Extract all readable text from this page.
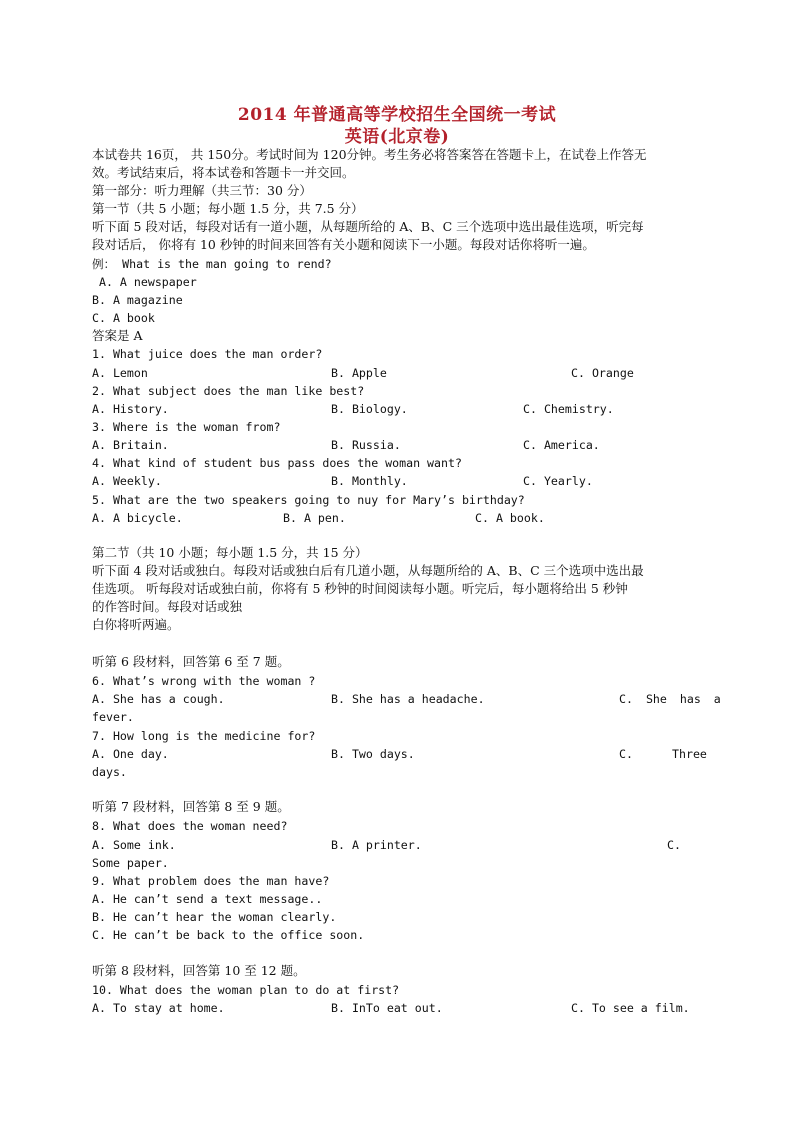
2014 年普通高等学校招生全国统一考试
英语(北京卷)
本试卷共 16页， 共 150分。考试时间为 120分钟。考生务必将答案答在答题卡上，在试卷上作答无
效。考试结束后，将本试卷和答题卡一并交回。
第一部分：听力理解（共三节：30 分）
第一节（共 5 小题；每小题 1.5 分，共 7.5 分）
听下面 5 段对话，每段对话有一道小题，从每题所给的 A、B、C 三个选项中选出最佳选项，听完每
段对话后， 你将有 10 秒钟的时间来回答有关小题和阅读下一小题。每段对话你将听一遍。
例： What is the man going to rend?
A. A newspaper
B. A magazine
C. A book
答案是 A
1. What juice does the man order?
A. Lemon	B. Apple	C. Orange
2. What subject does the man like best?
A. History.	B. Biology.	C. Chemistry.
3. Where is the woman from?
A. Britain.	B. Russia.	C. America.
4. What kind of student bus pass does the woman want?
A. Weekly.	B. Monthly.	C. Yearly.
5. What are the two speakers going to nuy for Mary’s birthday?
A. A bicycle.	B. A pen.	C. A book.
第二节（共 10 小题；每小题 1.5 分，共 15 分）
听下面 4 段对话或独白。每段对话或独白后有几道小题，从每题所给的 A、B、C 三个选项中选出最
佳选项。 听每段对话或独白前，你将有 5 秒钟的时间阅读每小题。听完后，每小题将给出 5 秒钟
的作答时间。每段对话或独
白你将听两遍。
听第 6 段材料，回答第 6 至 7 题。
6. What’s wrong with the woman ?
A. She has a cough.	B. She has a headache.	C. She has a
fever.
7. How long is the medicine for?
A. One day.	B. Two days.	C.	Three
days.
听第 7 段材料，回答第 8 至 9 题。
8. What does the woman need?
A. Some ink.	B. A printer.	C.
Some paper.
9. What problem does the man have?
A. He can’t send a text message..
B. He can’t hear the woman clearly.
C. He can’t be back to the office soon.
听第 8 段材料，回答第 10 至 12 题。
10. What does the woman plan to do at first?
A. To stay at home.	B. InTo eat out.	C. To see a film.
